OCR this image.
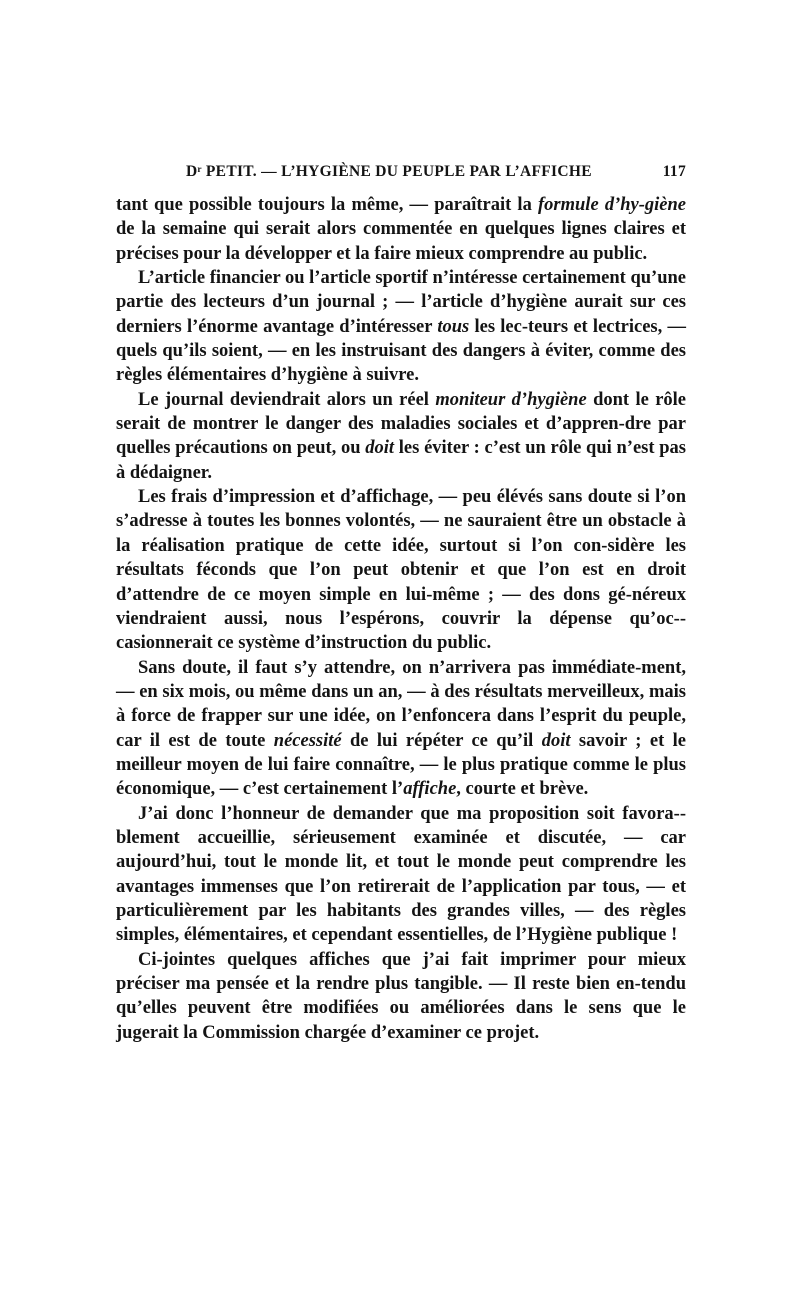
Dʳ PETIT. — L’HYGIÈNE DU PEUPLE PAR L’AFFICHE	117

tant que possible toujours la même, — paraîtrait la formule d’hy-giène de la semaine qui serait alors commentée en quelques lignes claires et précises pour la développer et la faire mieux comprendre au public.

L’article financier ou l’article sportif n’intéresse certainement qu’une partie des lecteurs d’un journal ; — l’article d’hygiène aurait sur ces derniers l’énorme avantage d’intéresser tous les lec-teurs et lectrices, — quels qu’ils soient, — en les instruisant des dangers à éviter, comme des règles élémentaires d’hygiène à suivre.

Le journal deviendrait alors un réel moniteur d’hygiène dont le rôle serait de montrer le danger des maladies sociales et d’appren-dre par quelles précautions on peut, ou doit les éviter : c’est un rôle qui n’est pas à dédaigner.

Les frais d’impression et d’affichage, — peu élévés sans doute si l’on s’adresse à toutes les bonnes volontés, — ne sauraient être un obstacle à la réalisation pratique de cette idée, surtout si l’on con-sidère les résultats féconds que l’on peut obtenir et que l’on est en droit d’attendre de ce moyen simple en lui-même ; — des dons gé-néreux viendraient aussi, nous l’espérons, couvrir la dépense qu’oc-casionnerait ce système d’instruction du public.

Sans doute, il faut s’y attendre, on n’arrivera pas immédiate-ment, — en six mois, ou même dans un an, — à des résultats merveilleux, mais à force de frapper sur une idée, on l’enfoncera dans l’esprit du peuple, car il est de toute nécessité de lui répéter ce qu’il doit savoir ; et le meilleur moyen de lui faire connaître, — le plus pratique comme le plus économique, — c’est certainement l’affiche, courte et brève.

J’ai donc l’honneur de demander que ma proposition soit favora-blement accueillie, sérieusement examinée et discutée, — car aujourd’hui, tout le monde lit, et tout le monde peut comprendre les avantages immenses que l’on retirerait de l’application par tous, — et particulièrement par les habitants des grandes villes, — des règles simples, élémentaires, et cependant essentielles, de l’Hygiène publique !

Ci-jointes quelques affiches que j’ai fait imprimer pour mieux préciser ma pensée et la rendre plus tangible. — Il reste bien en-tendu qu’elles peuvent être modifiées ou améliorées dans le sens que le jugerait la Commission chargée d’examiner ce projet.
